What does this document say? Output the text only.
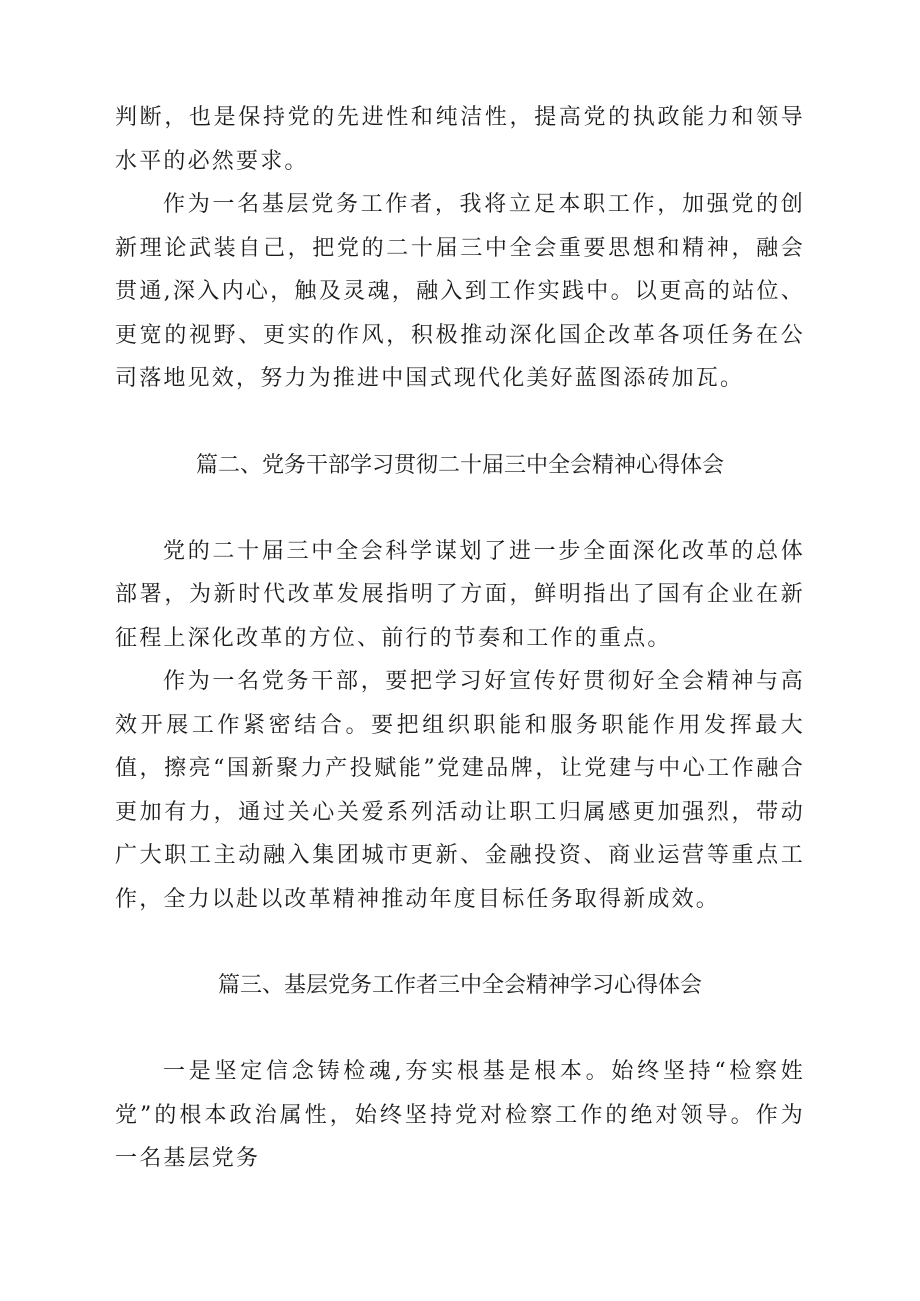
判断，也是保持党的先进性和纯洁性，提高党的执政能力和领导水平的必然要求。

作为一名基层党务工作者，我将立足本职工作，加强党的创新理论武装自己，把党的二十届三中全会重要思想和精神，融会贯通,深入内心，触及灵魂，融入到工作实践中。以更高的站位、更宽的视野、更实的作风，积极推动深化国企改革各项任务在公司落地见效，努力为推进中国式现代化美好蓝图添砖加瓦。

篇二、党务干部学习贯彻二十届三中全会精神心得体会

党的二十届三中全会科学谋划了进一步全面深化改革的总体部署，为新时代改革发展指明了方面，鲜明指出了国有企业在新征程上深化改革的方位、前行的节奏和工作的重点。

作为一名党务干部，要把学习好宣传好贯彻好全会精神与高效开展工作紧密结合。要把组织职能和服务职能作用发挥最大值，擦亮“国新聚力产投赋能”党建品牌，让党建与中心工作融合更加有力，通过关心关爱系列活动让职工归属感更加强烈，带动广大职工主动融入集团城市更新、金融投资、商业运营等重点工作，全力以赴以改革精神推动年度目标任务取得新成效。

篇三、基层党务工作者三中全会精神学习心得体会

一是坚定信念铸检魂,夯实根基是根本。始终坚持“检察姓党”的根本政治属性，始终坚持党对检察工作的绝对领导。作为一名基层党务
